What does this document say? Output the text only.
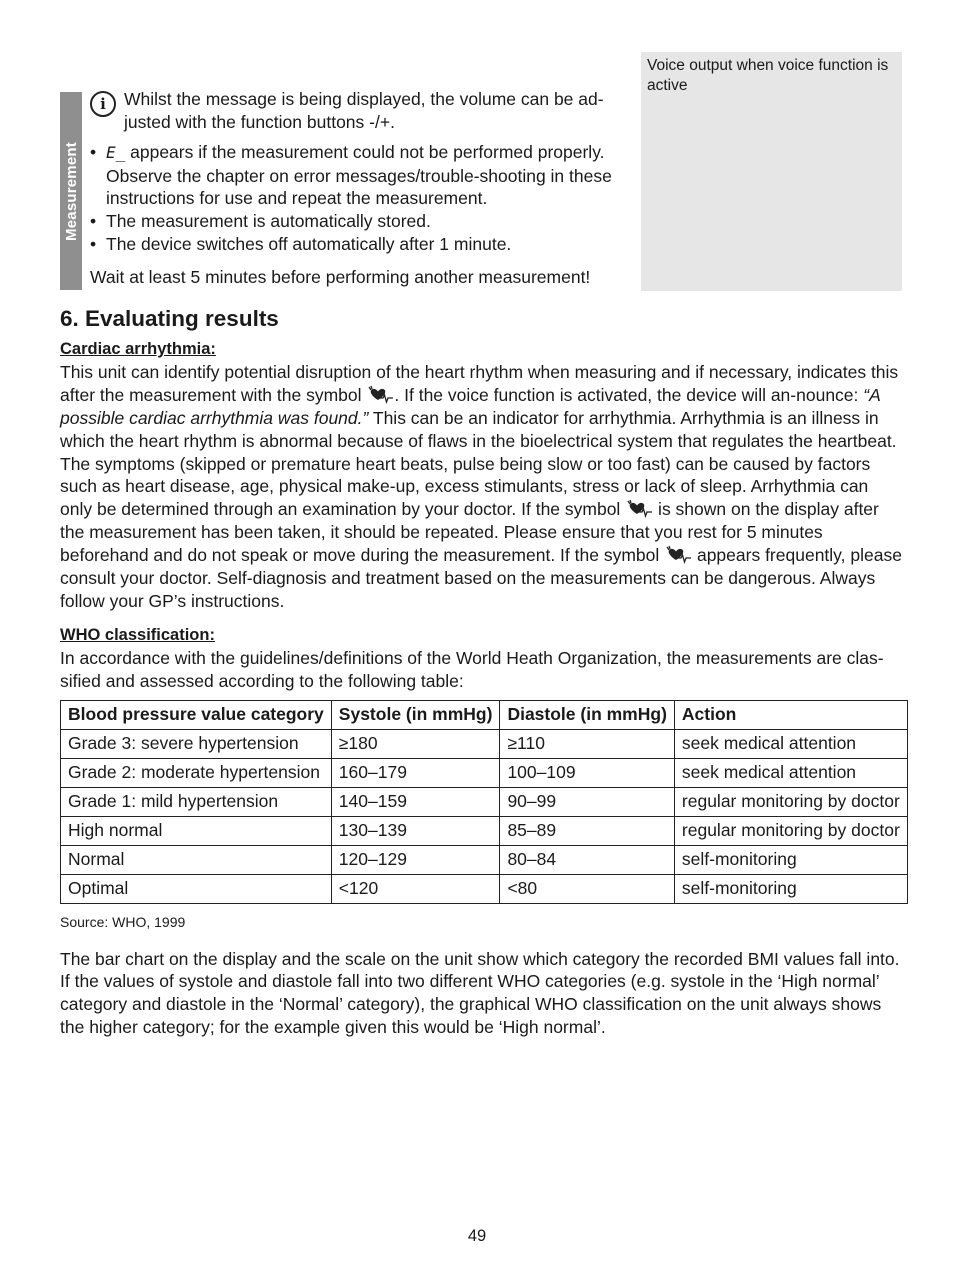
Measurement
Voice output when voice function is active
i	Whilst the message is being displayed, the volume can be ad-justed with the function buttons -/+.
• E_ appears if the measurement could not be performed properly. Observe the chapter on error messages/trouble-shooting in these instructions for use and repeat the measurement.
• The measurement is automatically stored.
• The device switches off automatically after 1 minute.

Wait at least 5 minutes before performing another measurement!

6. Evaluating results

Cardiac arrhythmia:

This unit can identify potential disruption of the heart rhythm when measuring and if necessary, indicates this after the measurement with the symbol . If the voice function is activated, the device will an-nounce: “A possible cardiac arrhythmia was found.” This can be an indicator for arrhythmia. Arrhythmia is an illness in which the heart rhythm is abnormal because of flaws in the bioelectrical system that regulates the heartbeat. The symptoms (skipped or premature heart beats, pulse being slow or too fast) can be caused by factors such as heart disease, age, physical make-up, excess stimulants, stress or lack of sleep. Arrhythmia can only be determined through an examination by your doctor. If the symbol  is shown on the display after the measurement has been taken, it should be repeated. Please ensure that you rest for 5 minutes beforehand and do not speak or move during the measurement. If the symbol  appears frequently, please consult your doctor. Self-diagnosis and treatment based on the measurements can be dangerous. Always follow your GP’s instructions.

WHO classification:

In accordance with the guidelines/definitions of the World Heath Organization, the measurements are clas-sified and assessed according to the following table:

Blood pressure value category	Systole (in mmHg)	Diastole (in mmHg)	Action
Grade 3: severe hypertension	≥180	≥110	seek medical attention
Grade 2: moderate hypertension	160–179	100–109	seek medical attention
Grade 1: mild hypertension	140–159	90–99	regular monitoring by doctor
High normal	130–139	85–89	regular monitoring by doctor
Normal	120–129	80–84	self-monitoring
Optimal	<120	<80	self-monitoring

Source: WHO, 1999

The bar chart on the display and the scale on the unit show which category the recorded BMI values fall into.

If the values of systole and diastole fall into two different WHO categories (e.g. systole in the ‘High normal’ category and diastole in the ‘Normal’ category), the graphical WHO classification on the unit always shows the higher category; for the example given this would be ‘High normal’.

49
